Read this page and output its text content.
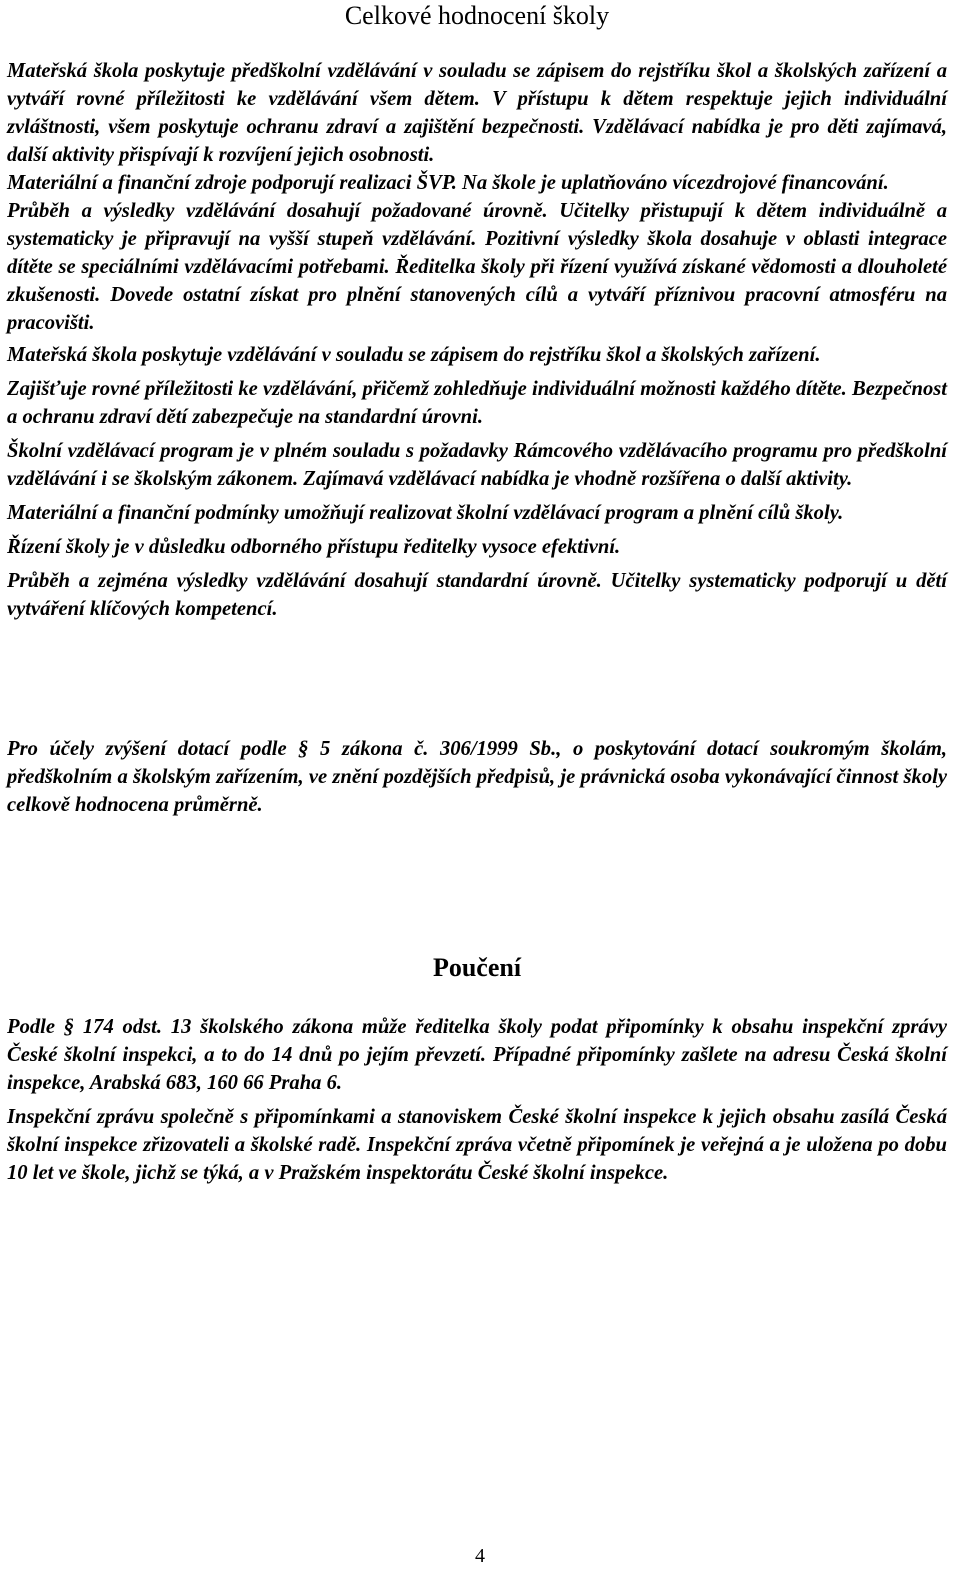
Celkové hodnocení školy

Mateřská škola poskytuje předškolní vzdělávání v souladu se zápisem do rejstříku škol a školských zařízení a vytváří rovné příležitosti ke vzdělávání všem dětem. V přístupu k dětem respektuje jejich individuální zvláštnosti, všem poskytuje ochranu zdraví a zajištění bezpečnosti. Vzdělávací nabídka je pro děti zajímavá, další aktivity přispívají k rozvíjení jejich osobnosti.

Materiální a finanční zdroje podporují realizaci ŠVP. Na škole je uplatňováno vícezdrojové financování.

Průběh a výsledky vzdělávání dosahují požadované úrovně. Učitelky přistupují k dětem individuálně a systematicky je připravují na vyšší stupeň vzdělávání. Pozitivní výsledky škola dosahuje v oblasti integrace dítěte se speciálními vzdělávacími potřebami. Ředitelka školy při řízení využívá získané vědomosti a dlouholeté zkušenosti. Dovede ostatní získat pro plnění stanovených cílů a vytváří příznivou pracovní atmosféru na pracovišti.

Mateřská škola poskytuje vzdělávání v souladu se zápisem do rejstříku škol a školských zařízení.

Zajišťuje rovné příležitosti ke vzdělávání, přičemž zohledňuje individuální možnosti každého dítěte. Bezpečnost a ochranu zdraví dětí zabezpečuje na standardní úrovni.

Školní vzdělávací program je v plném souladu s požadavky Rámcového vzdělávacího programu pro předškolní vzdělávání i se školským zákonem. Zajímavá vzdělávací nabídka je vhodně rozšířena o další aktivity.

Materiální a finanční podmínky umožňují realizovat školní vzdělávací program a plnění cílů školy.

Řízení školy je v důsledku odborného přístupu ředitelky vysoce efektivní.

Průběh a zejména výsledky vzdělávání dosahují standardní úrovně. Učitelky systematicky podporují u dětí vytváření klíčových kompetencí.

Pro účely zvýšení dotací podle § 5 zákona č. 306/1999 Sb., o poskytování dotací soukromým školám, předškolním a školským zařízením, ve znění pozdějších předpisů, je právnická osoba vykonávající činnost školy celkově hodnocena průměrně.

Poučení

Podle § 174 odst. 13 školského zákona může ředitelka školy podat připomínky k obsahu inspekční zprávy České školní inspekci, a to do 14 dnů po jejím převzetí. Případné připomínky zašlete na adresu Česká školní inspekce, Arabská 683, 160 66 Praha 6.

Inspekční zprávu společně s připomínkami a stanoviskem České školní inspekce k jejich obsahu zasílá Česká školní inspekce zřizovateli a školské radě. Inspekční zpráva včetně připomínek je veřejná a je uložena po dobu 10 let ve škole, jichž se týká, a v Pražském inspektorátu České školní inspekce.

4
